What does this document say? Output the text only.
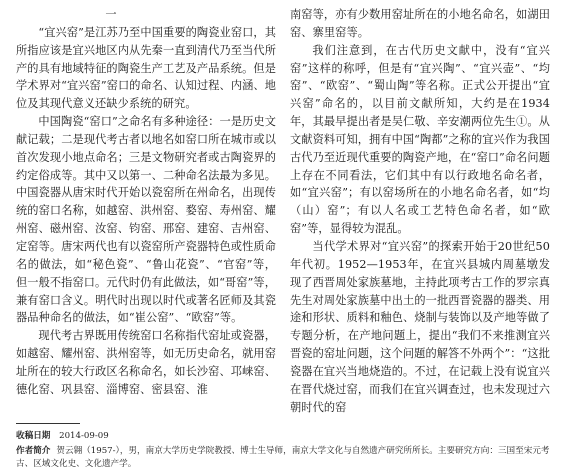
一

“宜兴窑”是江苏乃至中国重要的陶瓷业窑口，其所指应该是宜兴地区内从先秦一直到清代乃至当代所产的具有地域特征的陶瓷生产工艺及产品系统。但是学术界对“宜兴窑”窑口的命名、认知过程、内涵、地位及其现代意义还缺少系统的研究。

中国陶瓷“窑口”之命名有多种途径：一是历史文献记载；二是现代考古者以地名如窑口所在城市或以首次发现小地点命名；三是文物研究者或古陶瓷界的约定俗成等。其中又以第一、二种命名法最为多见。中国瓷器从唐宋时代开始以瓷窑所在州命名，出现传统的窑口名称，如越窑、洪州窑、婺窑、寿州窑、耀州窑、磁州窑、汝窑、钧窑、邢窑、建窑、吉州窑、定窑等。唐宋两代也有以瓷窑所产瓷器特色或性质命名的做法，如“秘色瓷”、“鲁山花瓷”、“官窑”等，但一般不指窑口。元代时仍有此做法，如“哥窑”等，兼有窑口含义。明代时出现以时代或著名匠师及其瓷器品种命名的做法，如“崔公窑”、“欧窑”等。

现代考古界既用传统窑口名称指代窑址或瓷器，如越窑、耀州窑、洪州窑等，如无历史命名，就用窑址所在的较大行政区名称命名，如长沙窑、邛崃窑、德化窑、巩县窑、淄博窑、密县窑、淮

南窑等，亦有少数用窑址所在的小地名命名，如湖田窑、寨里窑等。

我们注意到，在古代历史文献中，没有“宜兴窑”这样的称呼，但是有“宜兴陶”、“宜兴壶”、“均窑”、“欧窑”、“蜀山陶”等名称。正式公开提出“宜兴窑”命名的，以目前文献所知，大约是在1934年，其最早提出者是吴仁敬、辛安潮两位先生①。从文献资料可知，拥有中国“陶都”之称的宜兴作为我国古代乃至近现代重要的陶瓷产地，在“窑口”命名问题上存在不同看法，它们其中有以行政地名命名者，如“宜兴窑”；有以窑场所在的小地名命名者，如“均（山）窑”；有以人名或工艺特色命名者，如“欧窑”等，显得较为混乱。

当代学术界对“宜兴窑”的探索开始于20世纪50年代初。1952—1953年，在宜兴县城内周墓墩发现了西晋周处家族墓地，主持此项考古工作的罗宗真先生对周处家族墓中出土的一批西晋瓷器的器类、用途和形状、质料和釉色、烧制与装饰以及产地等做了专题分析，在产地问题上，提出“我们不来推测宜兴晋瓷的窑址问题，这个问题的解答不外两个”：“这批瓷器在宜兴当地烧造的。不过，在记载上没有说宜兴在晋代烧过窑，而我们在宜兴调查过，也未发现过六朝时代的窑

收稿日期 2014-09-09
作者简介 贺云翱（1957-），男，南京大学历史学院教授、博士生导师，南京大学文化与自然遗产研究所所长。主要研究方向：三国至宋元考古、区域文化史、文化遗产学。
